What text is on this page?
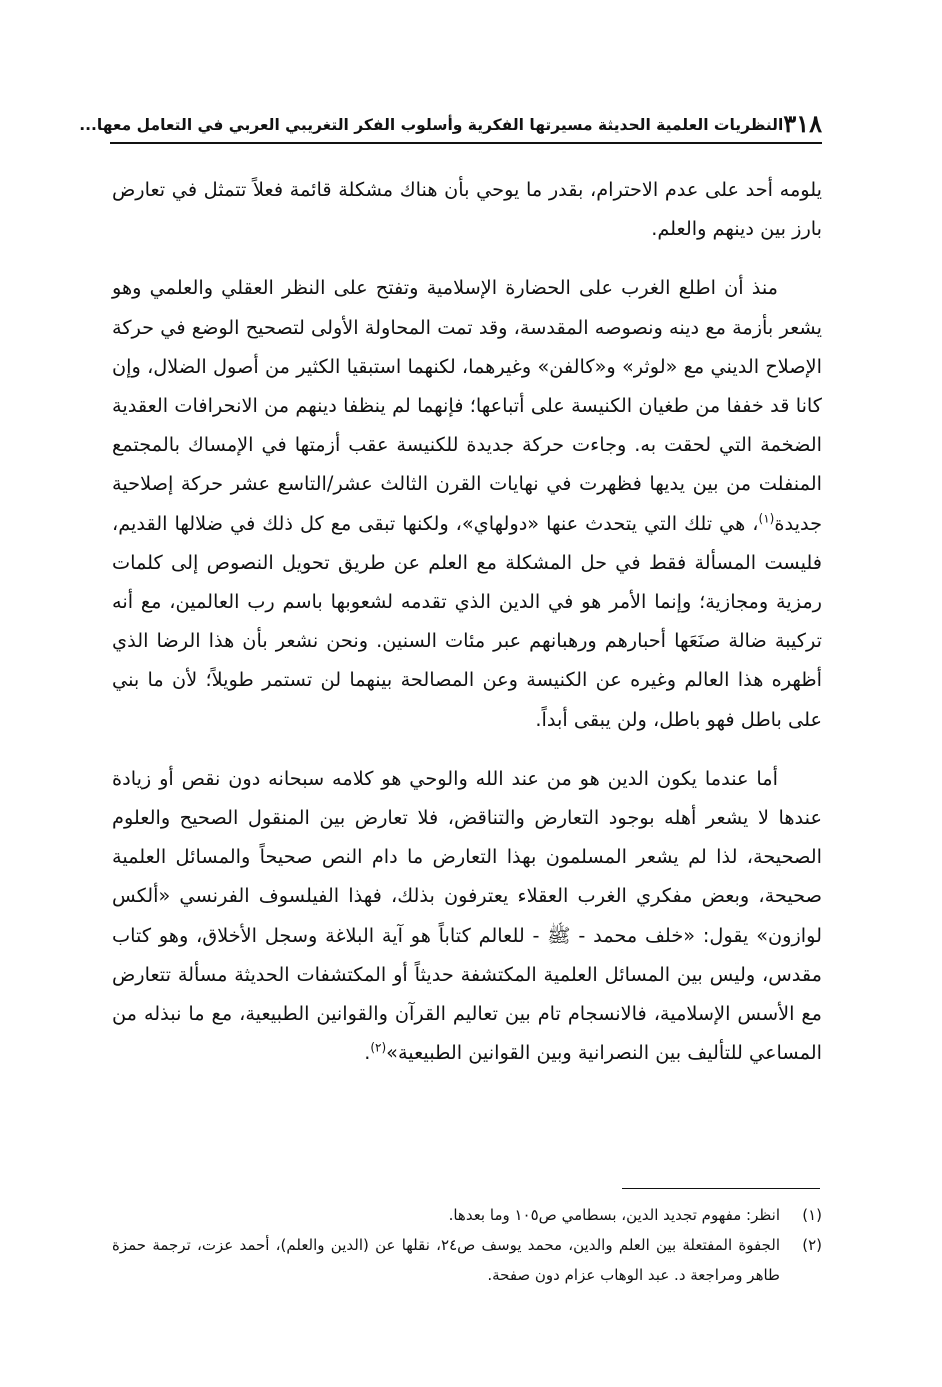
٣١٨
النظريات العلمية الحديثة مسيرتها الفكرية وأسلوب الفكر التغريبي العربي في التعامل معها...

يلومه أحد على عدم الاحترام، بقدر ما يوحي بأن هناك مشكلة قائمة فعلاً تتمثل في تعارض بارز بين دينهم والعلم.

منذ أن اطلع الغرب على الحضارة الإسلامية وتفتح على النظر العقلي والعلمي وهو يشعر بأزمة مع دينه ونصوصه المقدسة، وقد تمت المحاولة الأولى لتصحيح الوضع في حركة الإصلاح الديني مع «لوثر» و«كالفن» وغيرهما، لكنهما استبقيا الكثير من أصول الضلال، وإن كانا قد خففا من طغيان الكنيسة على أتباعها؛ فإنهما لم ينظفا دينهم من الانحرافات العقدية الضخمة التي لحقت به. وجاءت حركة جديدة للكنيسة عقب أزمتها في الإمساك بالمجتمع المنفلت من بين يديها فظهرت في نهايات القرن الثالث عشر/التاسع عشر حركة إصلاحية جديدة$^{(١)}$، هي تلك التي يتحدث عنها «دولهاي»، ولكنها تبقى مع كل ذلك في ضلالها القديم، فليست المسألة فقط في حل المشكلة مع العلم عن طريق تحويل النصوص إلى كلمات رمزية ومجازية؛ وإنما الأمر هو في الدين الذي تقدمه لشعوبها باسم رب العالمين، مع أنه تركيبة ضالة صنَعَها أحبارهم ورهبانهم عبر مئات السنين. ونحن نشعر بأن هذا الرضا الذي أظهره هذا العالم وغيره عن الكنيسة وعن المصالحة بينهما لن تستمر طويلاً؛ لأن ما بني على باطل فهو باطل، ولن يبقى أبداً.

أما عندما يكون الدين هو من عند الله والوحي هو كلامه سبحانه دون نقص أو زيادة عندها لا يشعر أهله بوجود التعارض والتناقض، فلا تعارض بين المنقول الصحيح والعلوم الصحيحة، لذا لم يشعر المسلمون بهذا التعارض ما دام النص صحيحاً والمسائل العلمية صحيحة، وبعض مفكري الغرب العقلاء يعترفون بذلك، فهذا الفيلسوف الفرنسي «ألكس لوازون» يقول: «خلف محمد - ﷺ - للعالم كتاباً هو آية البلاغة وسجل الأخلاق، وهو كتاب مقدس، وليس بين المسائل العلمية المكتشفة حديثاً أو المكتشفات الحديثة مسألة تتعارض مع الأسس الإسلامية، فالانسجام تام بين تعاليم القرآن والقوانين الطبيعية، مع ما نبذله من المساعي للتأليف بين النصرانية وبين القوانين الطبيعية»$^{(٢)}$.

(١)
انظر: مفهوم تجديد الدين، بسطامي ص١٠٥ وما بعدها.
(٢)
الجفوة المفتعلة بين العلم والدين، محمد يوسف ص٢٤، نقلها عن (الدين والعلم)، أحمد عزت، ترجمة حمزة طاهر ومراجعة د. عبد الوهاب عزام دون صفحة.
